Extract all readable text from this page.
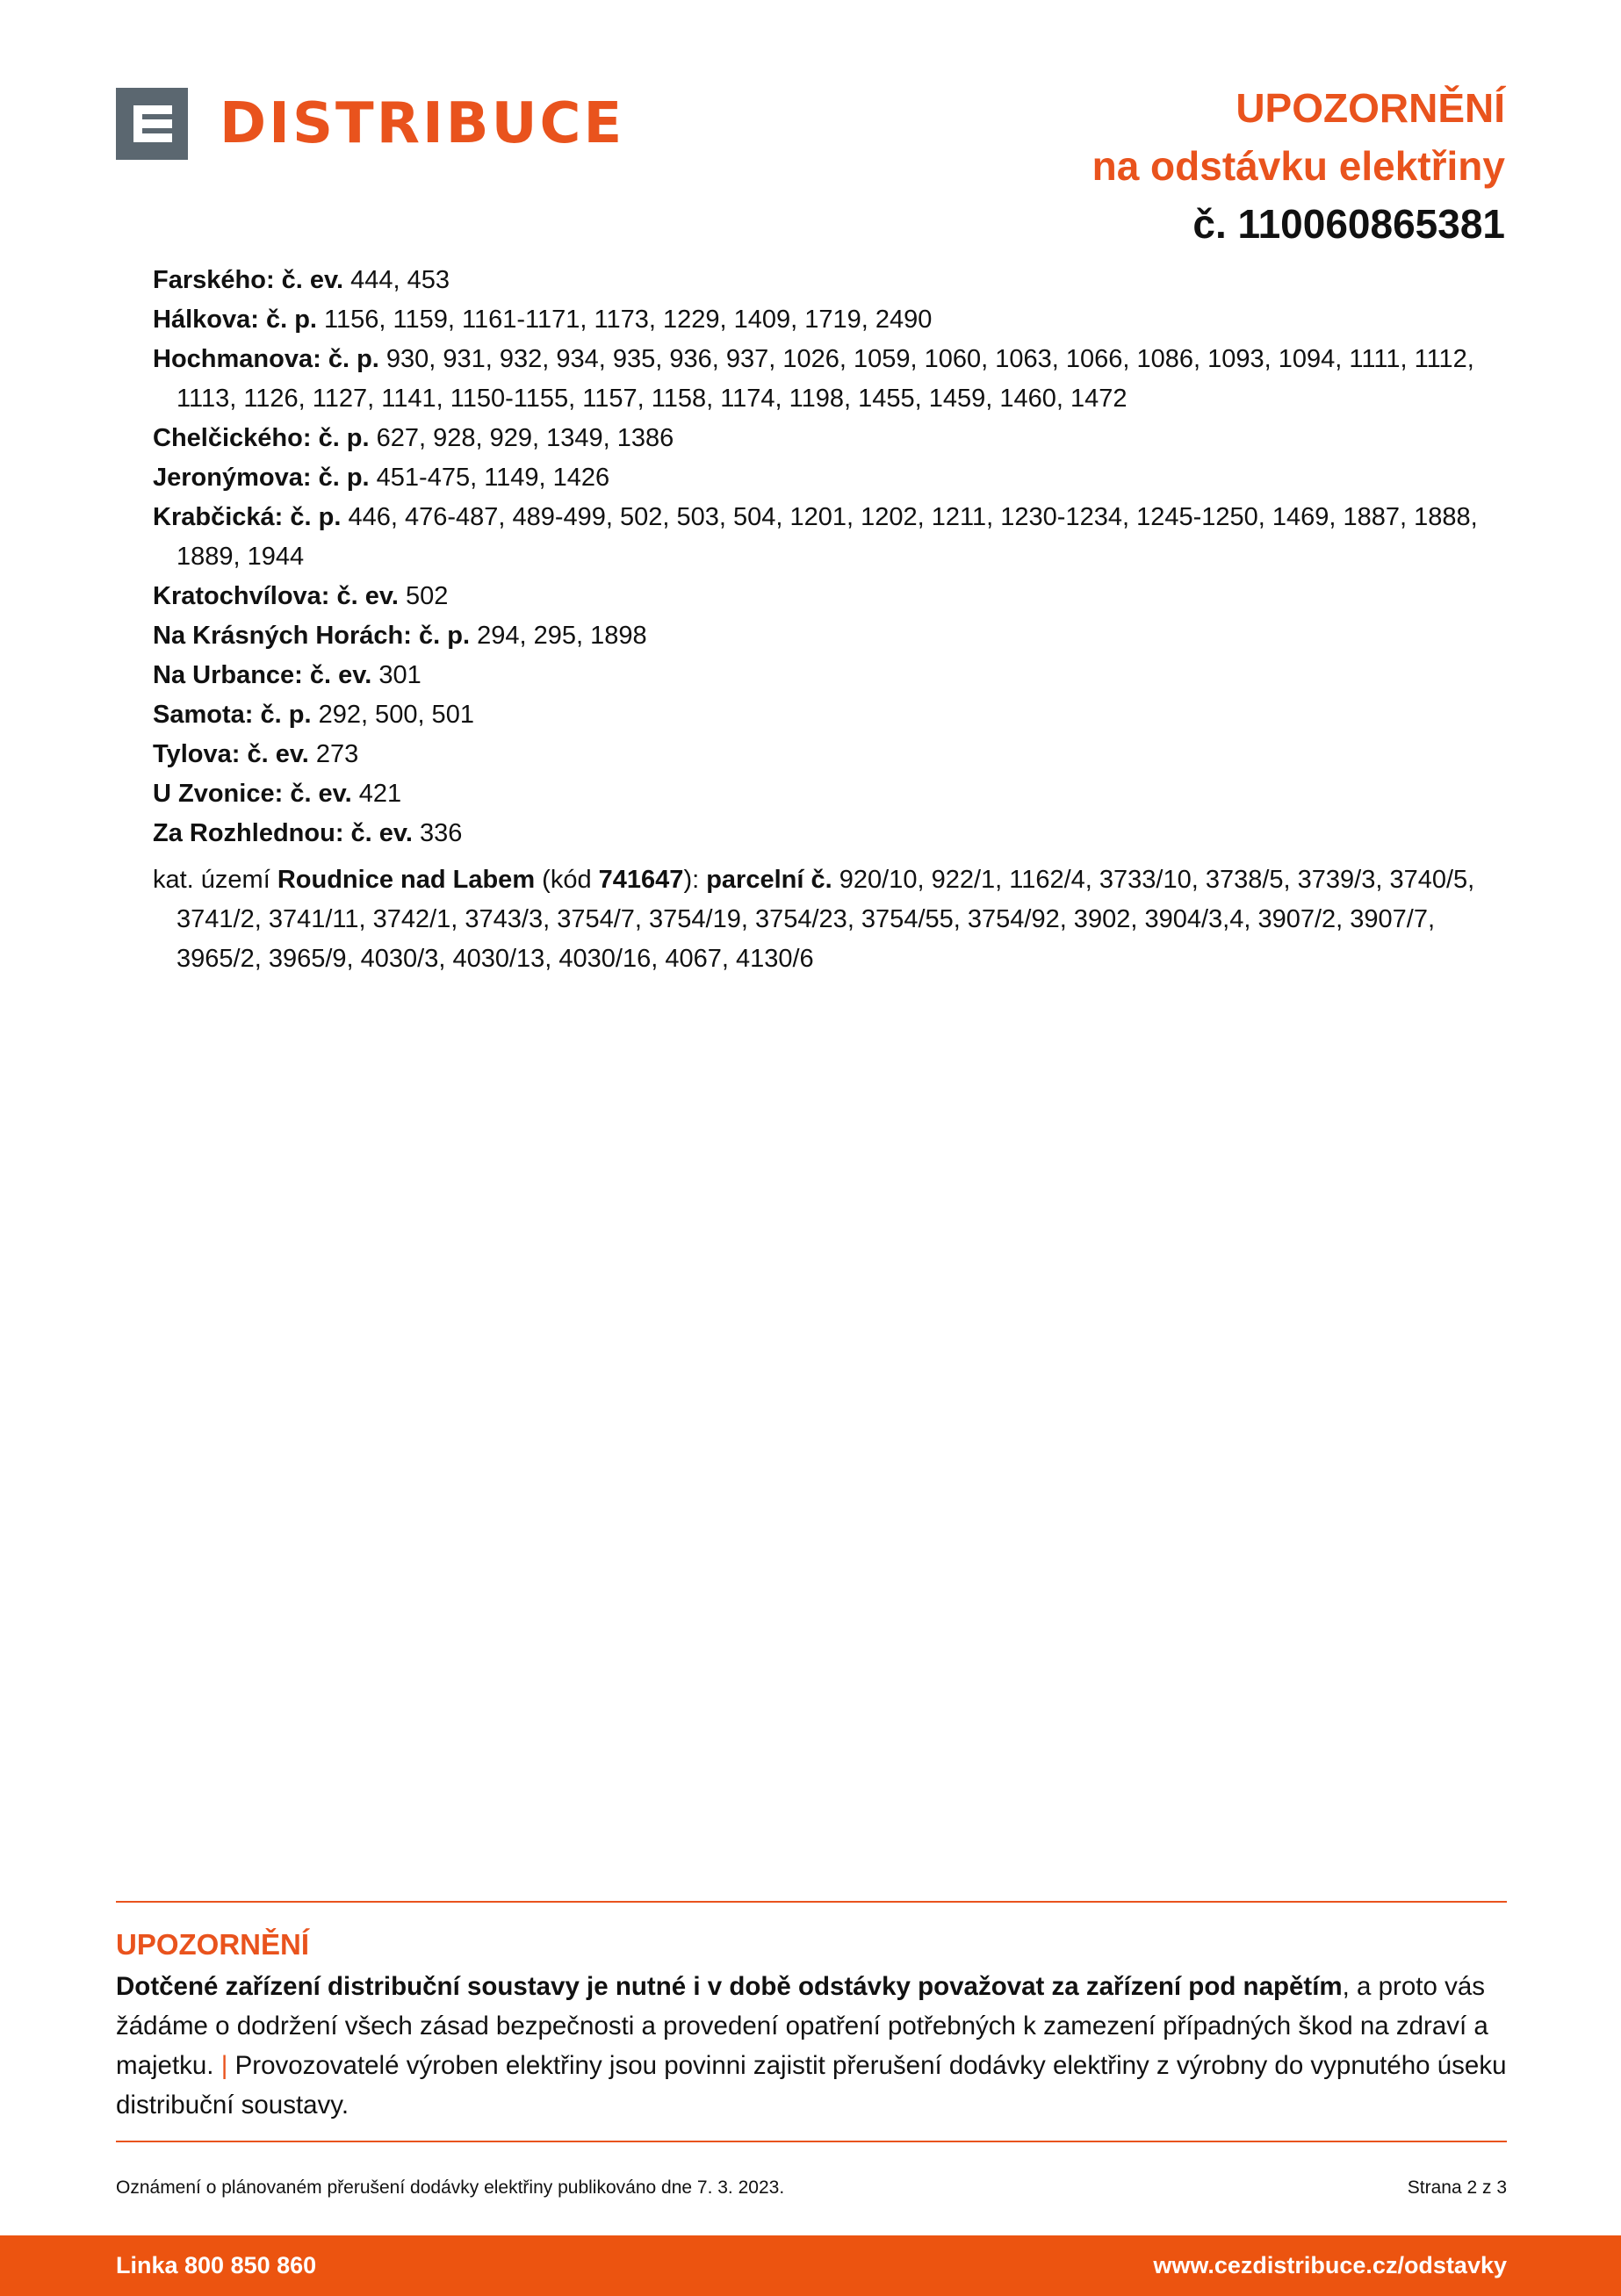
DISTRIBUCE	UPOZORNĚNÍ
na odstávku elektřiny
č. 110060865381
Farského: č. ev. 444, 453
Hálkova: č. p. 1156, 1159, 1161-1171, 1173, 1229, 1409, 1719, 2490
Hochmanova: č. p. 930, 931, 932, 934, 935, 936, 937, 1026, 1059, 1060, 1063, 1066, 1086, 1093, 1094, 1111, 1112, 1113, 1126, 1127, 1141, 1150-1155, 1157, 1158, 1174, 1198, 1455, 1459, 1460, 1472
Chelčického: č. p. 627, 928, 929, 1349, 1386
Jeronýmova: č. p. 451-475, 1149, 1426
Krabčická: č. p. 446, 476-487, 489-499, 502, 503, 504, 1201, 1202, 1211, 1230-1234, 1245-1250, 1469, 1887, 1888, 1889, 1944
Kratochvílova: č. ev. 502
Na Krásných Horách: č. p. 294, 295, 1898
Na Urbance: č. ev. 301
Samota: č. p. 292, 500, 501
Tylova: č. ev. 273
U Zvonice: č. ev. 421
Za Rozhlednou: č. ev. 336
kat. území Roudnice nad Labem (kód 741647): parcelní č. 920/10, 922/1, 1162/4, 3733/10, 3738/5, 3739/3, 3740/5, 3741/2, 3741/11, 3742/1, 3743/3, 3754/7, 3754/19, 3754/23, 3754/55, 3754/92, 3902, 3904/3,4, 3907/2, 3907/7, 3965/2, 3965/9, 4030/3, 4030/13, 4030/16, 4067, 4130/6
UPOZORNĚNÍ
Dotčené zařízení distribuční soustavy je nutné i v době odstávky považovat za zařízení pod napětím, a proto vás žádáme o dodržení všech zásad bezpečnosti a provedení opatření potřebných k zamezení případných škod na zdraví a majetku. | Provozovatelé výroben elektřiny jsou povinni zajistit přerušení dodávky elektřiny z výrobny do vypnutého úseku distribuční soustavy.
Oznámení o plánovaném přerušení dodávky elektřiny publikováno dne 7. 3. 2023.	Strana 2 z 3
Linka 800 850 860	www.cezdistribuce.cz/odstavky
